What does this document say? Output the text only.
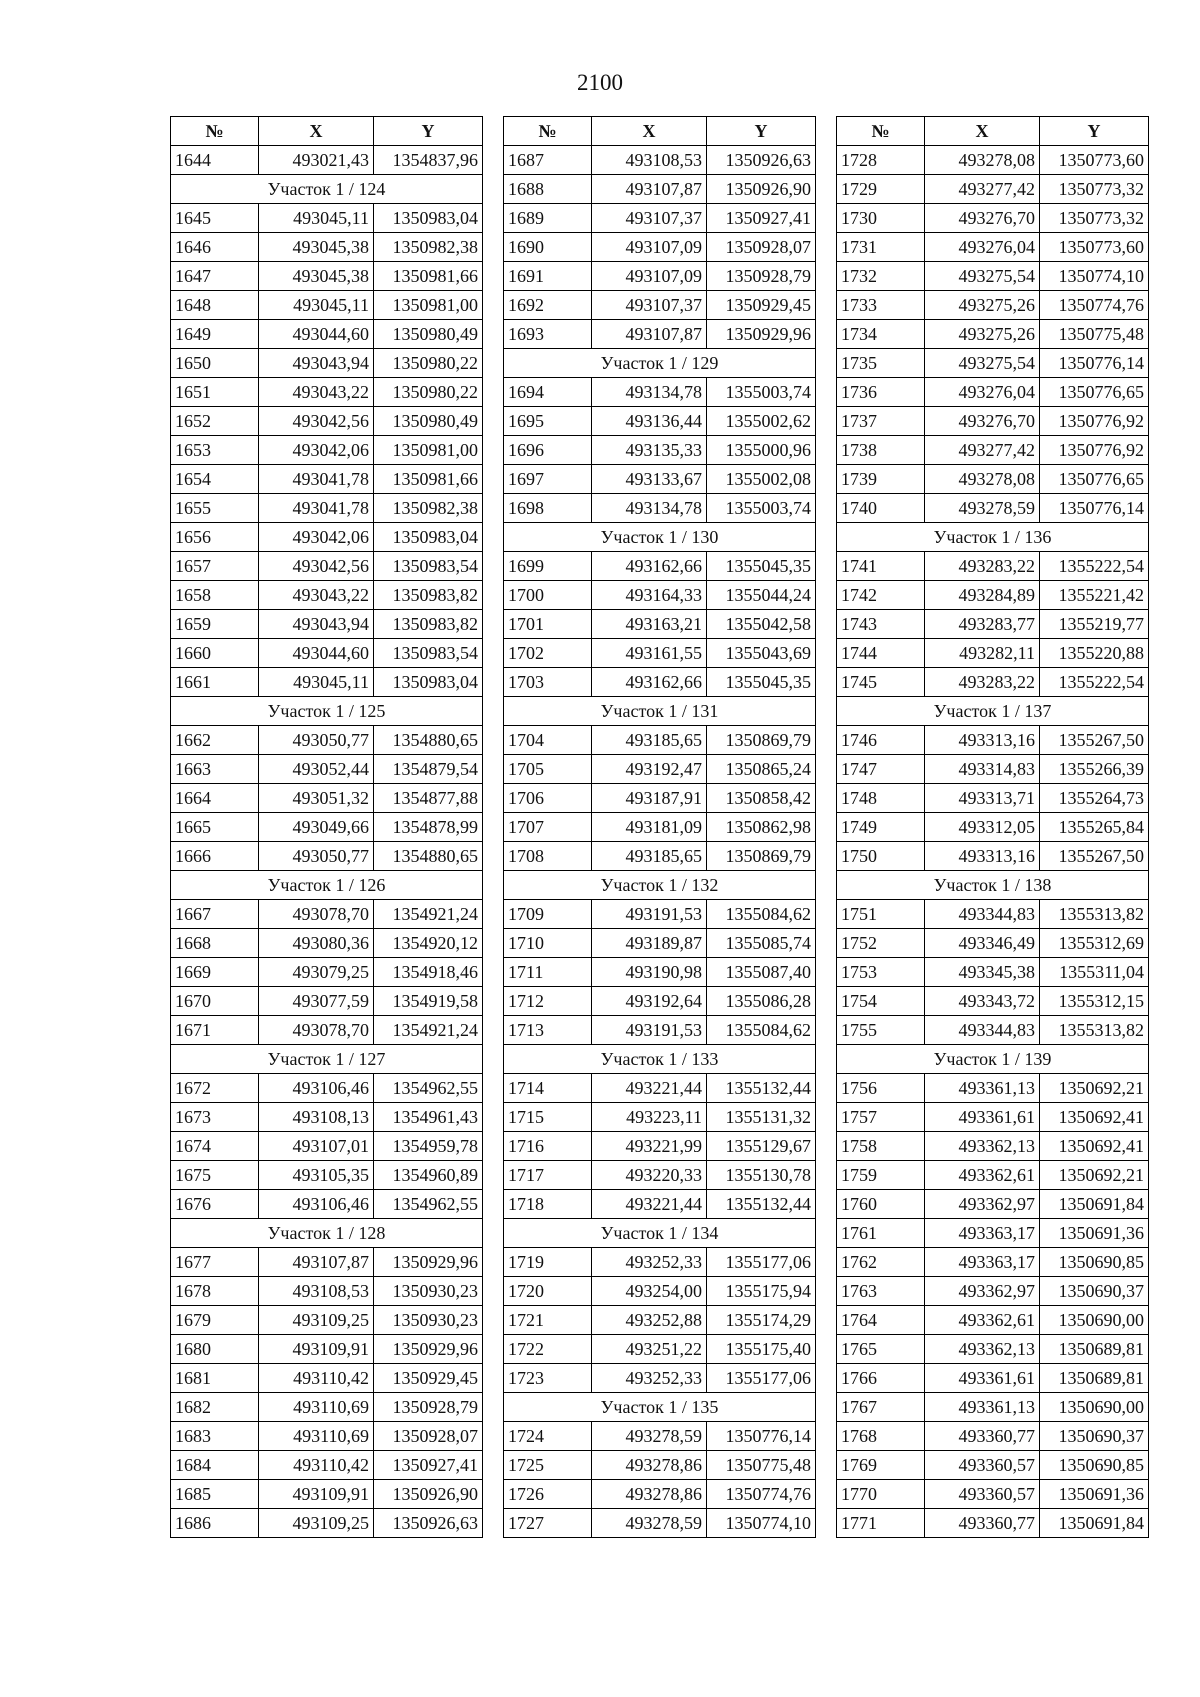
2100
№	X	Y
1644	493021,43	1354837,96
Участок 1 / 124		
1645	493045,11	1350983,04
1646	493045,38	1350982,38
1647	493045,38	1350981,66
1648	493045,11	1350981,00
1649	493044,60	1350980,49
1650	493043,94	1350980,22
1651	493043,22	1350980,22
1652	493042,56	1350980,49
1653	493042,06	1350981,00
1654	493041,78	1350981,66
1655	493041,78	1350982,38
1656	493042,06	1350983,04
1657	493042,56	1350983,54
1658	493043,22	1350983,82
1659	493043,94	1350983,82
1660	493044,60	1350983,54
1661	493045,11	1350983,04
Участок 1 / 125		
1662	493050,77	1354880,65
1663	493052,44	1354879,54
1664	493051,32	1354877,88
1665	493049,66	1354878,99
1666	493050,77	1354880,65
Участок 1 / 126		
1667	493078,70	1354921,24
1668	493080,36	1354920,12
1669	493079,25	1354918,46
1670	493077,59	1354919,58
1671	493078,70	1354921,24
Участок 1 / 127		
1672	493106,46	1354962,55
1673	493108,13	1354961,43
1674	493107,01	1354959,78
1675	493105,35	1354960,89
1676	493106,46	1354962,55
Участок 1 / 128		
1677	493107,87	1350929,96
1678	493108,53	1350930,23
1679	493109,25	1350930,23
1680	493109,91	1350929,96
1681	493110,42	1350929,45
1682	493110,69	1350928,79
1683	493110,69	1350928,07
1684	493110,42	1350927,41
1685	493109,91	1350926,90
1686	493109,25	1350926,63
№	X	Y
1687	493108,53	1350926,63
1688	493107,87	1350926,90
1689	493107,37	1350927,41
1690	493107,09	1350928,07
1691	493107,09	1350928,79
1692	493107,37	1350929,45
1693	493107,87	1350929,96
Участок 1 / 129		
1694	493134,78	1355003,74
1695	493136,44	1355002,62
1696	493135,33	1355000,96
1697	493133,67	1355002,08
1698	493134,78	1355003,74
Участок 1 / 130		
1699	493162,66	1355045,35
1700	493164,33	1355044,24
1701	493163,21	1355042,58
1702	493161,55	1355043,69
1703	493162,66	1355045,35
Участок 1 / 131		
1704	493185,65	1350869,79
1705	493192,47	1350865,24
1706	493187,91	1350858,42
1707	493181,09	1350862,98
1708	493185,65	1350869,79
Участок 1 / 132		
1709	493191,53	1355084,62
1710	493189,87	1355085,74
1711	493190,98	1355087,40
1712	493192,64	1355086,28
1713	493191,53	1355084,62
Участок 1 / 133		
1714	493221,44	1355132,44
1715	493223,11	1355131,32
1716	493221,99	1355129,67
1717	493220,33	1355130,78
1718	493221,44	1355132,44
Участок 1 / 134		
1719	493252,33	1355177,06
1720	493254,00	1355175,94
1721	493252,88	1355174,29
1722	493251,22	1355175,40
1723	493252,33	1355177,06
Участок 1 / 135		
1724	493278,59	1350776,14
1725	493278,86	1350775,48
1726	493278,86	1350774,76
1727	493278,59	1350774,10
№	X	Y
1728	493278,08	1350773,60
1729	493277,42	1350773,32
1730	493276,70	1350773,32
1731	493276,04	1350773,60
1732	493275,54	1350774,10
1733	493275,26	1350774,76
1734	493275,26	1350775,48
1735	493275,54	1350776,14
1736	493276,04	1350776,65
1737	493276,70	1350776,92
1738	493277,42	1350776,92
1739	493278,08	1350776,65
1740	493278,59	1350776,14
Участок 1 / 136		
1741	493283,22	1355222,54
1742	493284,89	1355221,42
1743	493283,77	1355219,77
1744	493282,11	1355220,88
1745	493283,22	1355222,54
Участок 1 / 137		
1746	493313,16	1355267,50
1747	493314,83	1355266,39
1748	493313,71	1355264,73
1749	493312,05	1355265,84
1750	493313,16	1355267,50
Участок 1 / 138		
1751	493344,83	1355313,82
1752	493346,49	1355312,69
1753	493345,38	1355311,04
1754	493343,72	1355312,15
1755	493344,83	1355313,82
Участок 1 / 139		
1756	493361,13	1350692,21
1757	493361,61	1350692,41
1758	493362,13	1350692,41
1759	493362,61	1350692,21
1760	493362,97	1350691,84
1761	493363,17	1350691,36
1762	493363,17	1350690,85
1763	493362,97	1350690,37
1764	493362,61	1350690,00
1765	493362,13	1350689,81
1766	493361,61	1350689,81
1767	493361,13	1350690,00
1768	493360,77	1350690,37
1769	493360,57	1350690,85
1770	493360,57	1350691,36
1771	493360,77	1350691,84
